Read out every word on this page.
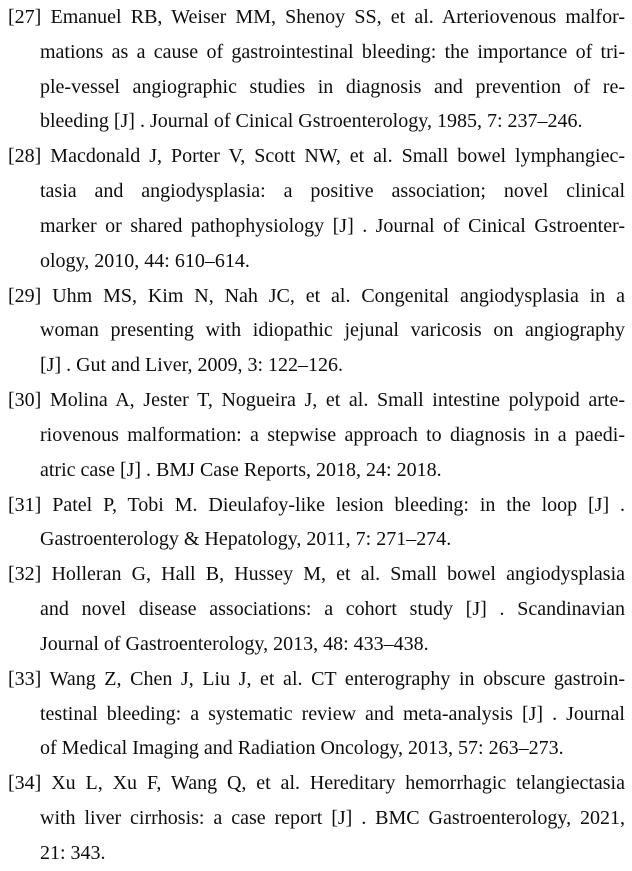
[27] Emanuel RB, Weiser MM, Shenoy SS, et al. Arteriovenous malfor-
mations as a cause of gastrointestinal bleeding: the importance of tri-
ple-vessel angiographic studies in diagnosis and prevention of re-
bleeding [J] . Journal of Cinical Gstroenterology, 1985, 7: 237–246.
[28] Macdonald J, Porter V, Scott NW, et al. Small bowel lymphangiec-
tasia and angiodysplasia: a positive association; novel clinical
marker or shared pathophysiology [J] . Journal of Cinical Gstroenter-
ology, 2010, 44: 610–614.
[29] Uhm MS, Kim N, Nah JC, et al. Congenital angiodysplasia in a
woman presenting with idiopathic jejunal varicosis on angiography
[J] . Gut and Liver, 2009, 3: 122–126.
[30] Molina A, Jester T, Nogueira J, et al. Small intestine polypoid arte-
riovenous malformation: a stepwise approach to diagnosis in a paedi-
atric case [J] . BMJ Case Reports, 2018, 24: 2018.
[31] Patel P, Tobi M. Dieulafoy-like lesion bleeding: in the loop [J] .
Gastroenterology & Hepatology, 2011, 7: 271–274.
[32] Holleran G, Hall B, Hussey M, et al. Small bowel angiodysplasia
and novel disease associations: a cohort study [J] . Scandinavian
Journal of Gastroenterology, 2013, 48: 433–438.
[33] Wang Z, Chen J, Liu J, et al. CT enterography in obscure gastroin-
testinal bleeding: a systematic review and meta-analysis [J] . Journal
of Medical Imaging and Radiation Oncology, 2013, 57: 263–273.
[34] Xu L, Xu F, Wang Q, et al. Hereditary hemorrhagic telangiectasia
with liver cirrhosis: a case report [J] . BMC Gastroenterology, 2021,
21: 343.
